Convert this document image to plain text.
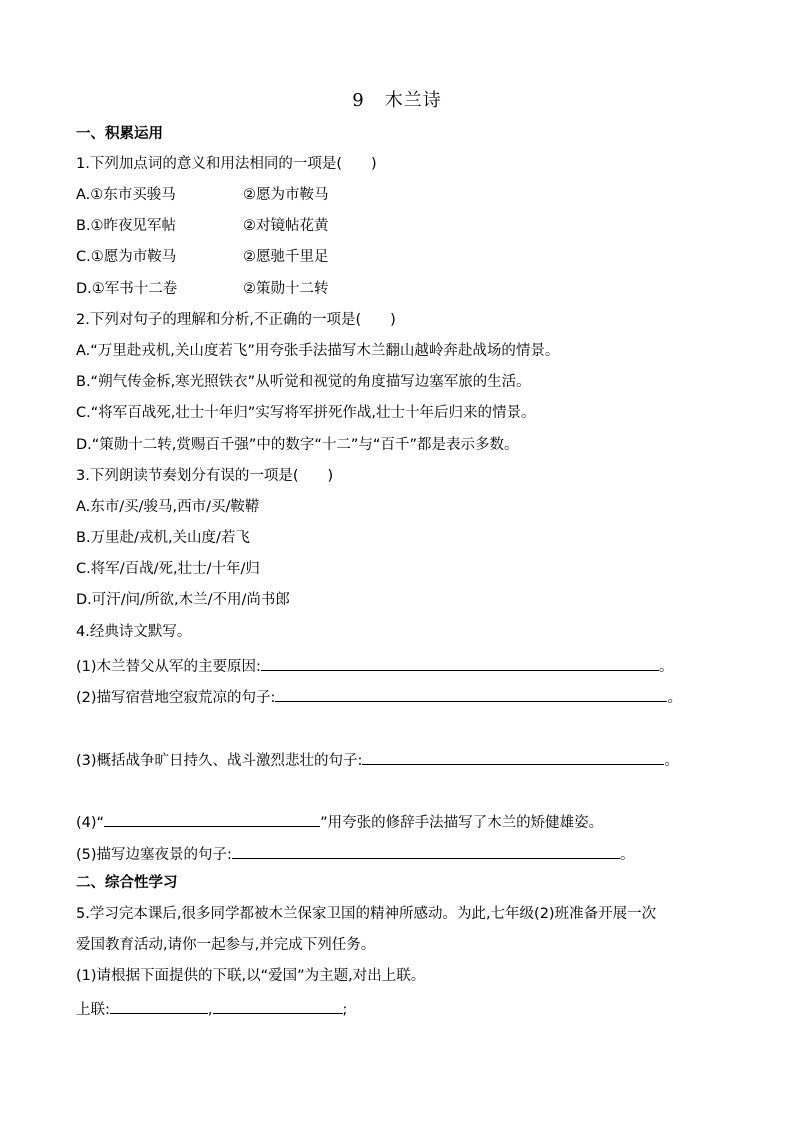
9 木兰诗
一、积累运用
1.下列加点词的意义和用法相同的一项是(　　)
A.①东市买骏马	②愿为市鞍马
B.①昨夜见军帖	②对镜帖花黄
C.①愿为市鞍马	②愿驰千里足
D.①军书十二卷	②策勋十二转
2.下列对句子的理解和分析,不正确的一项是(　　)
A.“万里赴戎机,关山度若飞”用夸张手法描写木兰翻山越岭奔赴战场的情景。
B.“朔气传金柝,寒光照铁衣”从听觉和视觉的角度描写边塞军旅的生活。
C.“将军百战死,壮士十年归”实写将军拼死作战,壮士十年后归来的情景。
D.“策勋十二转,赏赐百千强”中的数字“十二”与“百千”都是表示多数。
3.下列朗读节奏划分有误的一项是(　　)
A.东市/买/骏马,西市/买/鞍鞯
B.万里赴/戎机,关山度/若飞
C.将军/百战/死,壮士/十年/归
D.可汗/问/所欲,木兰/不用/尚书郎
4.经典诗文默写。
(1)木兰替父从军的主要原因:	。
(2)描写宿营地空寂荒凉的句子:	。
(3)概括战争旷日持久、战斗激烈悲壮的句子:	。
(4)“	”用夸张的修辞手法描写了木兰的矫健雄姿。
(5)描写边塞夜景的句子:	。
二、综合性学习
5.学习完本课后,很多同学都被木兰保家卫国的精神所感动。为此,七年级(2)班准备开展一次
爱国教育活动,请你一起参与,并完成下列任务。
(1)请根据下面提供的下联,以“爱国”为主题,对出上联。
上联:	,	;
